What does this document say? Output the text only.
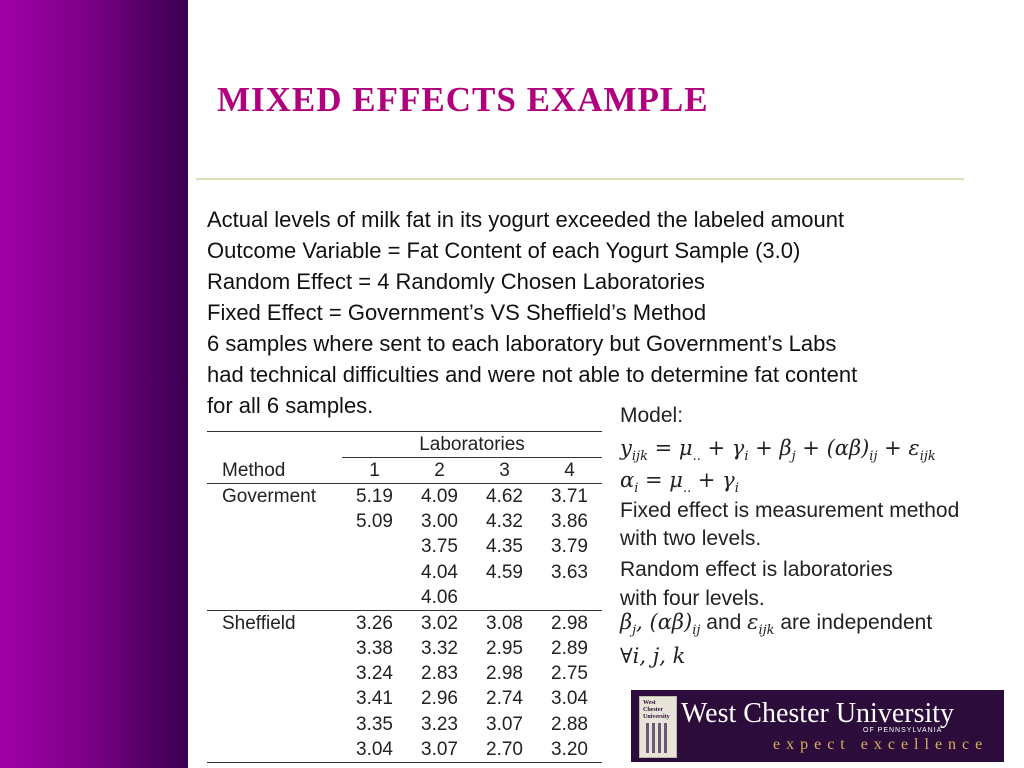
MIXED EFFECTS EXAMPLE
Actual levels of milk fat in its yogurt exceeded the labeled amount
Outcome Variable = Fat Content of each Yogurt Sample (3.0)
Random Effect = 4 Randomly Chosen Laboratories
Fixed Effect = Government’s VS Sheffield’s Method
6 samples where sent to each laboratory but Government’s Labs
had technical difficulties and were not able to determine fat content
for all 6 samples.
	Laboratories			
Method	1	2	3	4
Goverment	5.19	4.09	4.62	3.71
	5.09	3.00	4.32	3.86
		3.75	4.35	3.79
		4.04	4.59	3.63
		4.06		
Sheffield	3.26	3.02	3.08	2.98
	3.38	3.32	2.95	2.89
	3.24	2.83	2.98	2.75
	3.41	2.96	2.74	3.04
	3.35	3.23	3.07	2.88
	3.04	3.07	2.70	3.20
Model:
$y_{ijk} = \mu_{..} + \gamma_i + \beta_j + (\alpha\beta)_{ij} + \varepsilon_{ijk}$
$\alpha_i = \mu_{..} + \gamma_i$
Fixed effect is measurement method
with two levels.
Random effect is laboratories
with four levels.
$\beta_j$, $(\alpha\beta)_{ij}$ and $\varepsilon_{ijk}$ are independent
∀i, j, k
West Chester University West Chester University
OF PENNSYLVANIA
expect excellence
